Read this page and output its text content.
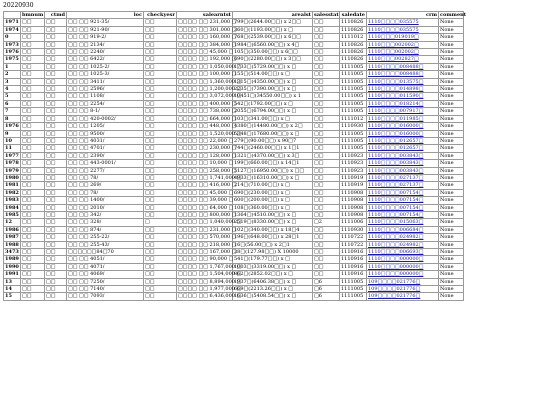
20220930
	bmnum	ctmd	loc	checkyesr	salearntst	arealst	salesstat	saledate	crm	comment
1971	□□	□□	□□ □□ 921-35/	□□	□□□□ □□ 231,000 □	799□(2644.00□□) x 2□□	□□	1110826	1110□□□□035575	None
1974	□□	□□	□□ □□ 921-90/	□□	□□□□ □□ 301,000 □	360□(1193.00□□) x □	□□	1110826	1110□□□□035575	None
0	□□	□□	□□ □□ 919-2/	□□	□□□□ □□ 160,000 □	768□(2539.00□□) x 6□□	□□	1111012	1110□□□019019□	None
1973	□□	□□	□□ □□ 2134/	□□	□□□□ □□ 384,000 □	1984□(6560.00□□) x 4□	□□	1110826	1110□□□002002□	None
1976	□□	□□	□□ □□ 2240/	□□	□□□□ □□ 45,000 □	105□(350.00□□) x 6□□	□□	1110826	1110□□□002002□	None
1975	□□	□□	□□ □□ 6422/	□□	□□□□ □□ 192,000 □	690□(2280.00□□) x 3□□	□□	1110826	1110□□□002827□	None
1	□□	□□	□□ □□ 1025-2/	□□	□□□□ □□ 1,050,000 □	1733□(5729.00□□) x □	□□	1111005	1110□□□□008488□	None
2	□□	□□	□□ □□ 1025-3/	□□	□□□□ □□ 100,000 □	155□(514.00□□) x □	□□	1111005	1110□□□□008488□	None
3	□□	□□	□□ □□ 3411/	□□	□□□□ □□ 1,360,000 □	1315□(4350.00□□) x □	□□	1111005	1110□□□□013575□	None
4	□□	□□	□□ □□ 2596/	□□	□□□□ □□ 1,200,000 □	2235□(7390.00□□) x □	□□	1111005	1110□□□□014898□	None
5	□□	□□	□□ □□ 1108/	□□	□□□□ □□ 3,072,000 □	10451□(34550.00□□) x 1	□□	1111005	1110□□□□011590□	None
6	□□	□□	□□ □□ 2254/	□□	□□□□ □□ 400,000 □	542□(1792.00□□) x □	□□	1111005	1110□□□□018214□	None
7	□□	□□	□□ □□ 8-1/	□□	□□□□ □□ 738,000 □	2055□(6794.00□□) x □	□□	1111005	1110□□□□007917□	None
8	□□	□□	□□ □□ 420-0002/	□□	□□□□ □□ 664,000 □	103□(341.00□□) x □	□□	1111012	1110□□□□011985□	None
1976	□□	□□	□□ □□ 1205/	□□	□□□□ □□ 448,000 □	4380□(14480.00□□) x 2□	□□	1110930	1110□□□□016000□	None
9	□□	□□	□□ □□ 9500/	□□	□□□□ □□ 1,520,000 □	5348□(17680.00□□) x □	□□	1111005	1110□□□□016000□	None
10	□□	□□	□□ □□ 4031/	□□	□□□□ □□ 22,000 □	279□(90.00□□) x 90□7	□□	1111005	1110□□□□012657□	None
11	□□	□□	□□ □□ 4701/	□□	□□□□ □□ 230,000 □	744□(2460.00□□) x 1□1	□□	1111005	1110□□□□012657□	None
1977	□□	□□	□□ □□ 2390/	□□	□□□□ □□ 128,000 □	1321□(4370.00□□) x 3□	□□	1110923	1110□□□□003843□	None
1978	□□	□□	□□ □□ 443-0001/	□□	□□□□ □□ 10,000 □	199□(660.00□□) x 14□1	□□	1110923	1110□□□□003843□	None
1979	□□	□□	□□ □□ 2277/	□□	□□□□ □□ 258,000 □	5127□(16950.00□□) x □□	□□	1110923	1110□□□□003843□	None
1980	□□	□□	□□ □□ 78/	□□	□□□□ □□ 1,741,000 □	4933□(16310.00□□) x □	□□	1110919	1110□□□□027137□	None
1981	□□	□□	□□ □□ 269/	□□	□□□□ □□ 416,000 □	214□(710.00□□) x □	□□	1110919	1110□□□□027137□	None
1982	□□	□□	□□ □□ 78/	□□	□□□□ □□ 45,000 □	690□(230.00□□) x □	□□	1110908	1110□□□□007154□	None
1983	□□	□□	□□ □□ 1400/	□□	□□□□ □□ 39,000 □	600□(200.00□□) x □	□□	1110908	1110□□□□007154□	None
1984	□□	□□	□□ □□ 2010/	□□	□□□□ □□ 64,000 □	108□(360.00□□) x □	□□	1110908	1110□□□□007154□	None
1985	□□	□□	□□ □□ 342/	□□	□□□□ □□ 800,000 □	1364□(4510.00□□) x □	□□	1110908	1110□□□□007154□	None
12	□□	□□	□□ □□ 328/	□	□□□□ □□ 1,040,000 □	2519□(8330.00□□) x □	□2	1111006	1110□□□□015063□	None
1986	□□	□□	□□ □□ 874/	□□	□□□□ □□ 231,000 □	102□(340.00□□) x 18□4	□□	1110930	1110□□□□006684□	None
1987	□□	□□	□□ □□ 255-22/	□□	□□□□ □□ 570,000 □	196□(648.00□□) x 28□1	□□	1110722	1110□□□□024982□	None
1988	□□	□□	□□ □□ 255-43/	□□	□□□□ □□ 218,000 □	16□(56.00□□) x 2□1	□□	1110722	1110□□□□024982□	None
3473	□□	□□	□□□□□□84□70	□□	□□□□ □□ 167,000 □	38□(127.98□□) X 10000	□□	1110916	1110□□□□006693□	None
1989	□□	□□	□□ □□ 4051/	□□	□□□□ □□ 90,000 □	541□(179.77□□) x □	□□	1110916	1110□□□□000000□	None
1990	□□	□□	□□ □□ 4071/	□□	□□□□ □□ 1,767,000 □	1003□(3319.00□□) x □	□□	1110916	1110□□□□000000□	None
1991	□□	□□	□□ □□ 4069/	□□	□□□□ □□ 1,504,000 □	862□(2852.02□□) x □	□□	1110916	1110□□□□000000□	None
13	□□	□□	□□ □□ 7250/	□□	□□□□ □□ 8,894,000 □	1937□(6406.38□□) x □	□6	1111005	109□□□□021776□	None
14	□□	□□	□□ □□ 7140/	□□	□□□□ □□ 1,977,000 □	669□(2213.26□□) x □	□6	1111005	109□□□□021776□	None
15	□□	□□	□□ □□ 7093/	□□	□□□□ □□ 6,436,000 □	1636□(5408.54□□) x □	□6	1111005	109□□□□021776□	None
